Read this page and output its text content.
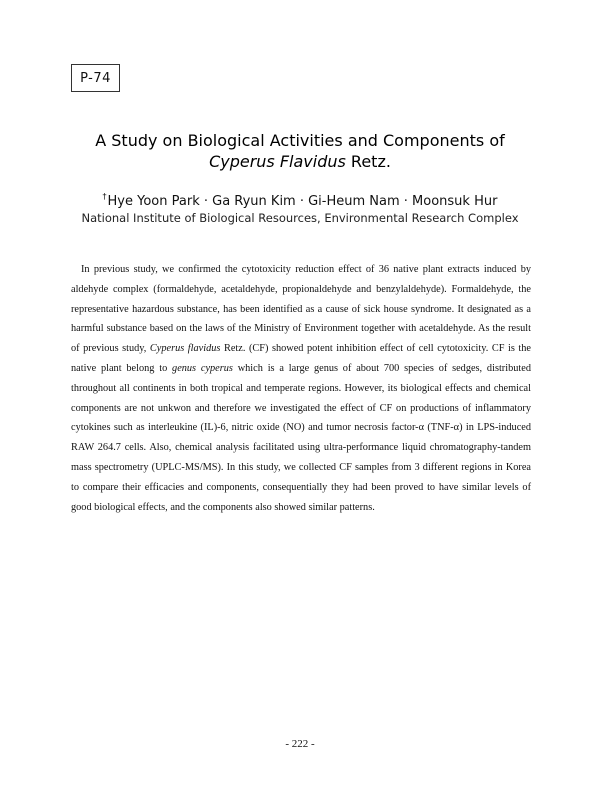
P-74
A Study on Biological Activities and Components of
Cyperus Flavidus Retz.
†Hye Yoon Park · Ga Ryun Kim · Gi-Heum Nam · Moonsuk Hur
National Institute of Biological Resources, Environmental Research Complex
In previous study, we confirmed the cytotoxicity reduction effect of 36 native plant extracts induced by aldehyde complex (formaldehyde, acetaldehyde, propionaldehyde and benzylaldehyde). Formaldehyde, the representative hazardous substance, has been identified as a cause of sick house syndrome. It designated as a harmful substance based on the laws of the Ministry of Environment together with acetaldehyde. As the result of previous study, Cyperus flavidus Retz. (CF) showed potent inhibition effect of cell cytotoxicity. CF is the native plant belong to genus cyperus which is a large genus of about 700 species of sedges, distributed throughout all continents in both tropical and temperate regions. However, its biological effects and chemical components are not unkwon and therefore we investigated the effect of CF on productions of inflammatory cytokines such as interleukine (IL)-6, nitric oxide (NO) and tumor necrosis factor-α (TNF-α) in LPS-induced RAW 264.7 cells. Also, chemical analysis facilitated using ultra-performance liquid chromatography-tandem mass spectrometry (UPLC-MS/MS). In this study, we collected CF samples from 3 different regions in Korea to compare their efficacies and components, consequentially they had been proved to have similar levels of good biological effects, and the components also showed similar patterns.
- 222 -
